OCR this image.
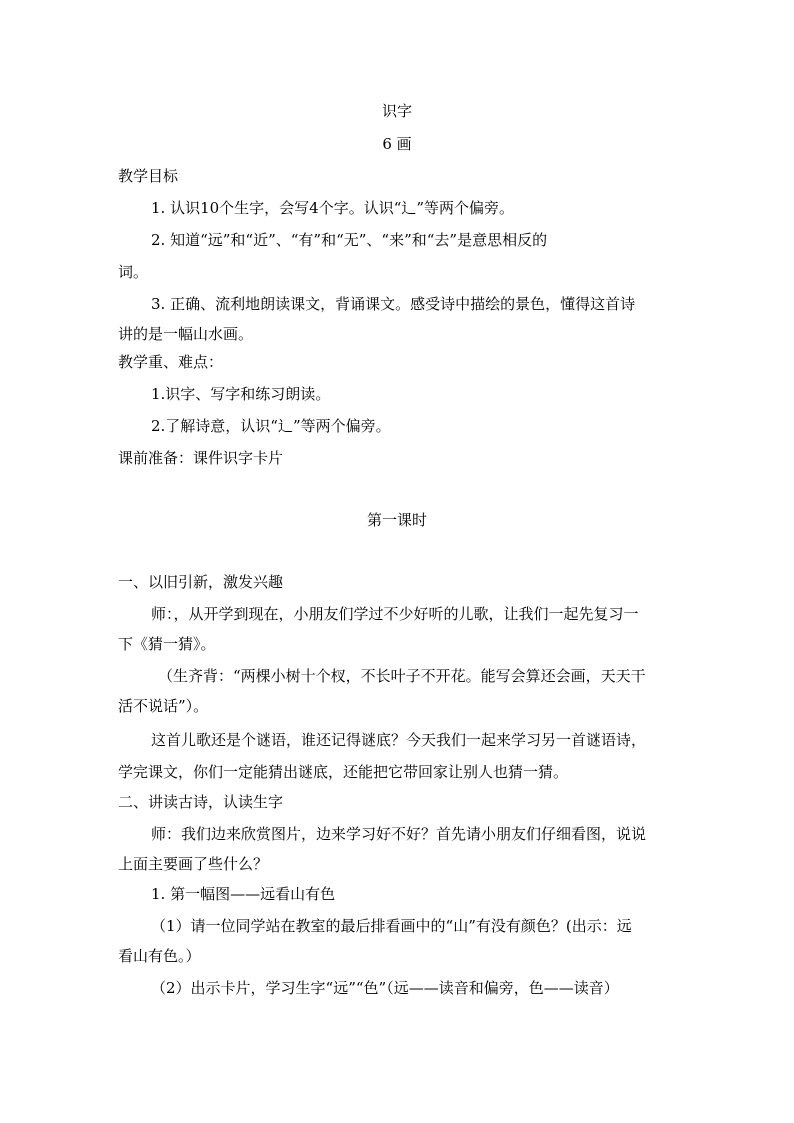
识字
6 画
教学目标
1. 认识10个生字，会写4个字。认识“辶”等两个偏旁。
2. 知道“远”和“近”、“有”和“无”、“来”和“去”是意思相反的
词。
3. 正确、流利地朗读课文，背诵课文。感受诗中描绘的景色，懂得这首诗
讲的是一幅山水画。
教学重、难点：
1.识字、写字和练习朗读。
2.了解诗意，认识“辶”等两个偏旁。
课前准备：课件识字卡片
第一课时
一、以旧引新，激发兴趣
师：，从开学到现在，小朋友们学过不少好听的儿歌，让我们一起先复习一
下《猜一猜》。
（生齐背：“两棵小树十个杈，不长叶子不开花。能写会算还会画，天天干
活不说话”）。
这首儿歌还是个谜语，谁还记得谜底？今天我们一起来学习另一首谜语诗，
学完课文，你们一定能猜出谜底，还能把它带回家让别人也猜一猜。
二、讲读古诗，认读生字
师：我们边来欣赏图片，边来学习好不好？首先请小朋友们仔细看图，说说
上面主要画了些什么？
1. 第一幅图——远看山有色
（1）请一位同学站在教室的最后排看画中的“山”有没有颜色？(出示：远
看山有色。）
（2）出示卡片，学习生字“远”“色”（远——读音和偏旁，色——读音）
